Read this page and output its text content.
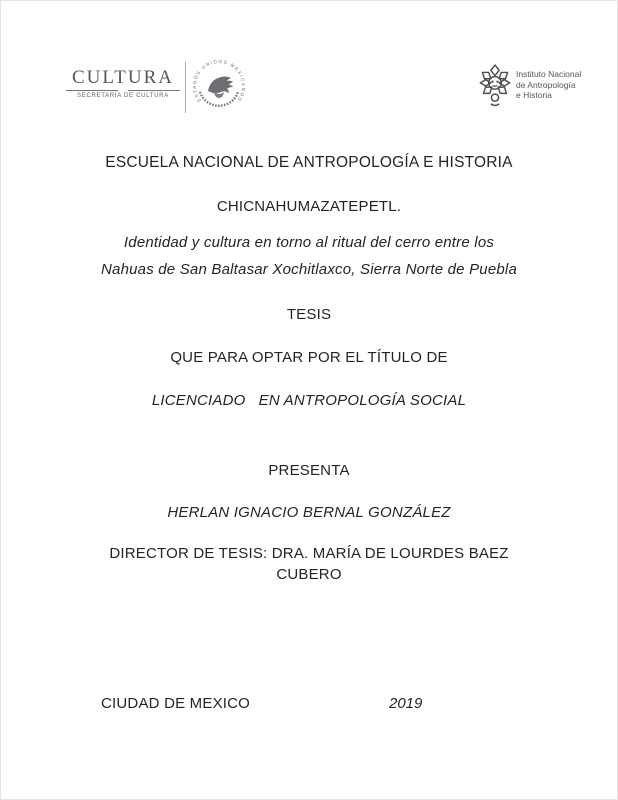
CULTURA
SECRETARÍA DE CULTURA
ESTADOS UNIDOS MEXICANOS
Instituto Nacional
de Antropología
e Historia
ESCUELA NACIONAL DE ANTROPOLOGÍA E HISTORIA
CHICNAHUMAZATEPETL.
Identidad y cultura en torno al ritual del cerro entre los
Nahuas de San Baltasar Xochitlaxco, Sierra Norte de Puebla
TESIS
QUE PARA OPTAR POR EL TÍTULO DE
LICENCIADO   EN ANTROPOLOGÍA SOCIAL
PRESENTA
HERLAN IGNACIO BERNAL GONZÁLEZ
DIRECTOR DE TESIS: DRA. MARÍA DE LOURDES BAEZ
CUBERO
CIUDAD DE MEXICO	2019
